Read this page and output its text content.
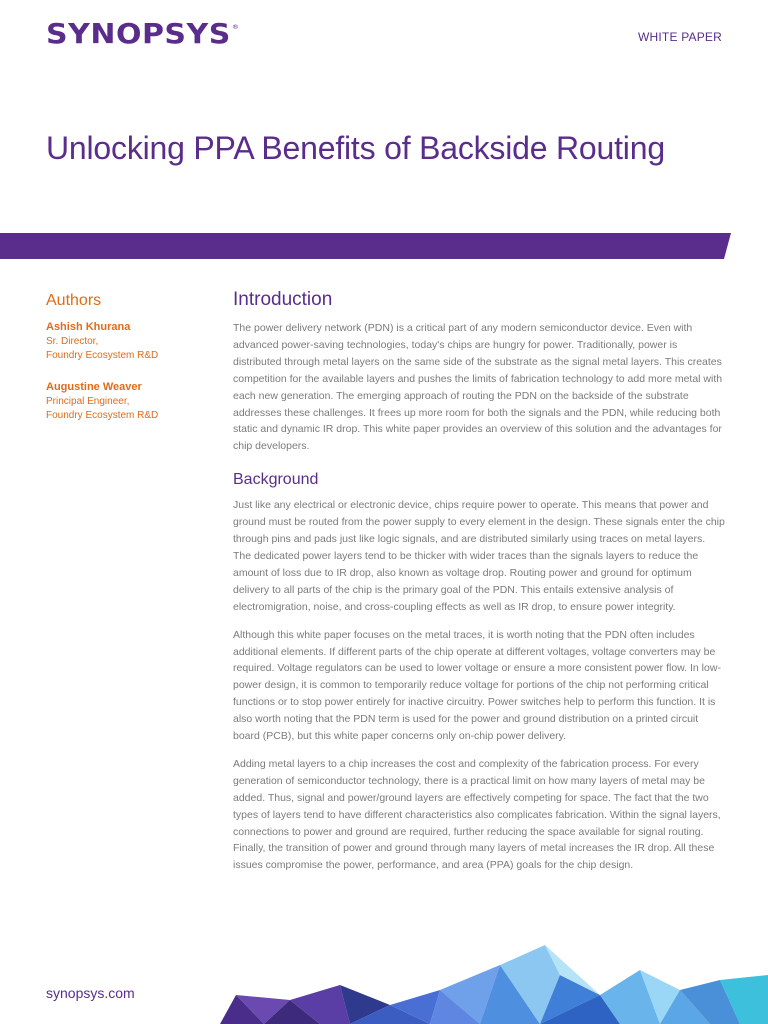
SYNOPSYS®
WHITE PAPER
Unlocking PPA Benefits of Backside Routing
Authors
Ashish Khurana
Sr. Director,
Foundry Ecosystem R&D
Augustine Weaver
Principal Engineer,
Foundry Ecosystem R&D
Introduction

The power delivery network (PDN) is a critical part of any modern semiconductor device. Even with advanced power-saving technologies, today's chips are hungry for power. Traditionally, power is distributed through metal layers on the same side of the substrate as the signal metal layers. This creates competition for the available layers and pushes the limits of fabrication technology to add more metal with each new generation. The emerging approach of routing the PDN on the backside of the substrate addresses these challenges. It frees up more room for both the signals and the PDN, while reducing both static and dynamic IR drop. This white paper provides an overview of this solution and the advantages for chip developers.

Background

Just like any electrical or electronic device, chips require power to operate. This means that power and ground must be routed from the power supply to every element in the design. These signals enter the chip through pins and pads just like logic signals, and are distributed similarly using traces on metal layers. The dedicated power layers tend to be thicker with wider traces than the signals layers to reduce the amount of loss due to IR drop, also known as voltage drop. Routing power and ground for optimum delivery to all parts of the chip is the primary goal of the PDN. This entails extensive analysis of electromigration, noise, and cross-coupling effects as well as IR drop, to ensure power integrity.

Although this white paper focuses on the metal traces, it is worth noting that the PDN often includes additional elements. If different parts of the chip operate at different voltages, voltage converters may be required. Voltage regulators can be used to lower voltage or ensure a more consistent power flow. In low-power design, it is common to temporarily reduce voltage for portions of the chip not performing critical functions or to stop power entirely for inactive circuitry. Power switches help to perform this function. It is also worth noting that the PDN term is used for the power and ground distribution on a printed circuit board (PCB), but this white paper concerns only on-chip power delivery.

Adding metal layers to a chip increases the cost and complexity of the fabrication process. For every generation of semiconductor technology, there is a practical limit on how many layers of metal may be added. Thus, signal and power/ground layers are effectively competing for space. The fact that the two types of layers tend to have different characteristics also complicates fabrication. Within the signal layers, connections to power and ground are required, further reducing the space available for signal routing. Finally, the transition of power and ground through many layers of metal increases the IR drop. All these issues compromise the power, performance, and area (PPA) goals for the chip design.

synopsys.com
